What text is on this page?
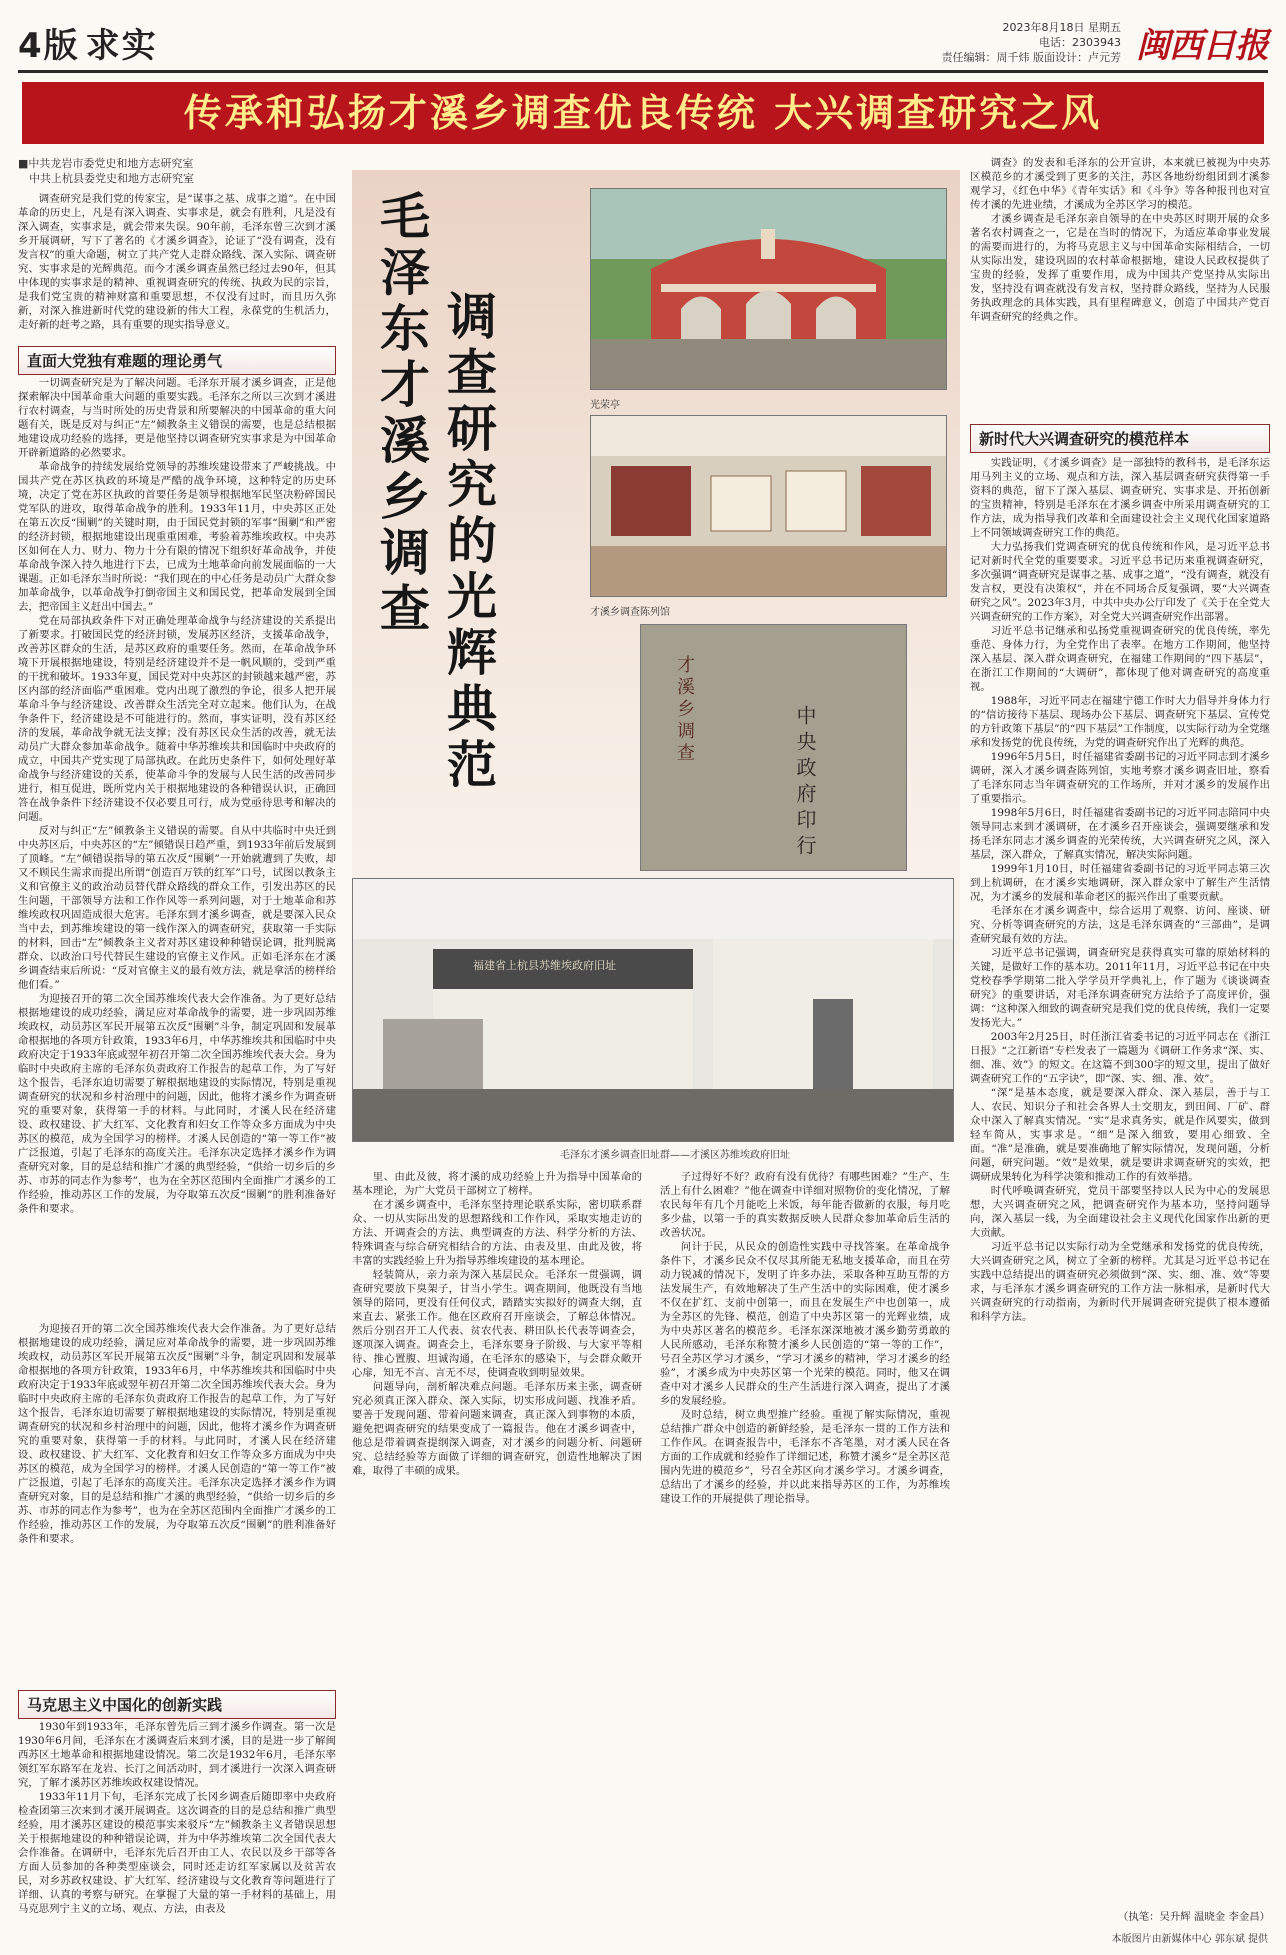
4版 求实	2023年8月18日 星期五
电话：2303943
责任编辑：周千炜 版面设计：卢元芳 闽西日报
传承和弘扬才溪乡调查优良传统 大兴调查研究之风
■中共龙岩市委党史和地方志研究室
中共上杭县委党史和地方志研究室

调查研究是我们党的传家宝，是“谋事之基、成事之道”。在中国革命的历史上，凡是有深入调查、实事求是，就会有胜利，凡是没有深入调查，实事求是，就会带来失误。90年前，毛泽东曾三次到才溪乡开展调研，写下了著名的《才溪乡调查》，论证了“没有调查，没有发言权”的重大命题，树立了共产党人走群众路线、深入实际、调查研究、实事求是的光辉典范。而今才溪乡调查虽然已经过去90年，但其中体现的实事求是的精神、重视调查研究的传统、执政为民的宗旨，是我们党宝贵的精神财富和重要思想，不仅没有过时，而且历久弥新，对深入推进新时代党的建设新的伟大工程，永葆党的生机活力，走好新的赶考之路，具有重要的现实指导意义。

直面大党独有难题的理论勇气

一切调查研究是为了解决问题。毛泽东开展才溪乡调查，正是他探索解决中国革命重大问题的重要实践。毛泽东之所以三次到才溪进行农村调查，与当时所处的历史背景和所要解决的中国革命的重大问题有关，既是反对与纠正“左”倾教条主义错误的需要，也是总结根据地建设成功经验的选择，更是他坚持以调查研究实事求是为中国革命开辟新道路的必然要求。

革命战争的持续发展给党领导的苏维埃建设带来了严峻挑战。中国共产党在苏区执政的环境是严酷的战争环境，这种特定的历史环境，决定了党在苏区执政的首要任务是领导根据地军民坚决粉碎国民党军队的进攻，取得革命战争的胜利。1933年11月，中央苏区正处在第五次反“围剿”的关键时期，由于国民党封锁的军事“围剿”和严密的经济封锁，根据地建设出现重重困难，考验着苏维埃政权。中央苏区如何在人力、财力、物力十分有限的情况下组织好革命战争，并使革命战争深入持久地进行下去，已成为土地革命向前发展面临的一大课题。正如毛泽东当时所说：“我们现在的中心任务是动员广大群众参加革命战争，以革命战争打倒帝国主义和国民党，把革命发展到全国去，把帝国主义赶出中国去。”

党在局部执政条件下对正确处理革命战争与经济建设的关系提出了新要求。打破国民党的经济封锁，发展苏区经济，支援革命战争，改善苏区群众的生活，是苏区政府的重要任务。然而，在革命战争环境下开展根据地建设，特别是经济建设并不是一帆风顺的，受到严重的干扰和破坏。1933年夏，国民党对中央苏区的封锁越来越严密，苏区内部的经济面临严重困难。党内出现了激烈的争论，很多人把开展革命斗争与经济建设、改善群众生活完全对立起来。他们认为，在战争条件下，经济建设是不可能进行的。然而，事实证明，没有苏区经济的发展，革命战争就无法支撑；没有苏区民众生活的改善，就无法动员广大群众参加革命战争。随着中华苏维埃共和国临时中央政府的成立，中国共产党实现了局部执政。在此历史条件下，如何处理好革命战争与经济建设的关系，使革命斗争的发展与人民生活的改善同步进行，相互促进，既所党内关于根据地建设的各种错误认识，正确回答在战争条件下经济建设不仅必要且可行，成为党亟待思考和解决的问题。

反对与纠正“左”倾教条主义错误的需要。自从中共临时中央迁到中央苏区后，中央苏区的“左”倾错误日趋严重，到1933年前后发展到了顶峰。“左”倾错误指导的第五次反“围剿”一开始就遭到了失败，却又不顾民生需求而提出所谓“创造百万铁的红军”口号，试图以教条主义和官僚主义的政治动员替代群众路线的群众工作，引发出苏区的民生问题，干部领导方法和工作作风等一系列问题，对于土地革命和苏维埃政权巩固造成很大危害。毛泽东到才溪乡调查，就是要深入民众当中去，到苏维埃建设的第一线作深入的调查研究，获取第一手实际的材料，回击“左”倾教条主义者对苏区建设种种错误论调，批判脱离群众、以政治口号代替民生建设的官僚主义作风。正如毛泽东在才溪乡调查结束后所说：“反对官僚主义的最有效方法，就是拿活的榜样给他们看。”

为迎接召开的第二次全国苏维埃代表大会作准备。为了更好总结根据地建设的成功经验，满足应对革命战争的需要，进一步巩固苏维埃政权，动员苏区军民开展第五次反“围剿”斗争，制定巩固和发展革命根据地的各项方针政策，1933年6月，中华苏维埃共和国临时中央政府决定于1933年底或翌年初召开第二次全国苏维埃代表大会。身为临时中央政府主席的毛泽东负责政府工作报告的起草工作，为了写好这个报告，毛泽东迫切需要了解根据地建设的实际情况，特别是重视调查研究的状况和乡村治理中的问题，因此，他将才溪乡作为调查研究的重要对象，获得第一手的材料。与此同时，才溪人民在经济建设、政权建设、扩大红军、文化教育和妇女工作等众多方面成为中央苏区的模范，成为全国学习的榜样。才溪人民创造的“第一等工作”被广泛报道，引起了毛泽东的高度关注。毛泽东决定选择才溪乡作为调查研究对象，目的是总结和推广才溪的典型经验，“供给一切乡后的乡苏、市苏的同志作为参考”，也为在全苏区范围内全面推广才溪乡的工作经验，推动苏区工作的发展，为夺取第五次反“围剿”的胜利准备好条件和要求。

马克思主义中国化的创新实践

为迎接召开的第二次全国苏维埃代表大会作准备。为了更好总结根据地建设的成功经验，满足应对革命战争的需要，进一步巩固苏维埃政权，动员苏区军民开展第五次反“围剿”斗争，制定巩固和发展革命根据地的各项方针政策，1933年6月，中华苏维埃共和国临时中央政府决定于1933年底或翌年初召开第二次全国苏维埃代表大会。身为临时中央政府主席的毛泽东负责政府工作报告的起草工作，为了写好这个报告，毛泽东迫切需要了解根据地建设的实际情况，特别是重视调查研究的状况和乡村治理中的问题，因此，他将才溪乡作为调查研究的重要对象，获得第一手的材料。与此同时，才溪人民在经济建设、政权建设、扩大红军、文化教育和妇女工作等众多方面成为中央苏区的模范，成为全国学习的榜样。才溪人民创造的“第一等工作”被广泛报道，引起了毛泽东的高度关注。毛泽东决定选择才溪乡作为调查研究对象，目的是总结和推广才溪的典型经验，“供给一切乡后的乡苏、市苏的同志作为参考”，也为在全苏区范围内全面推广才溪乡的工作经验，推动苏区工作的发展，为夺取第五次反“围剿”的胜利准备好条件和要求。

1930年到1933年，毛泽东曾先后三到才溪乡作调查。第一次是1930年6月间，毛泽东在才溪调查后来到才溪，目的是进一步了解闽西苏区土地革命和根据地建设情况。第二次是1932年6月，毛泽东率领红军东路军在龙岩、长汀之间活动时，到才溪进行一次深入调查研究，了解才溪苏区苏维埃政权建设情况。

1933年11月下旬，毛泽东完成了长冈乡调查后随即率中央政府检查团第三次来到才溪开展调查。这次调查的目的是总结和推广典型经验，用才溪苏区建设的模范事实来驳斥“左”倾教条主义者错误思想关于根据地建设的种种错误论调，并为中华苏维埃第二次全国代表大会作准备。在调研中，毛泽东先后召开由工人、农民以及乡干部等各方面人员参加的各种类型座谈会，同时还走访红军家属以及贫苦农民，对乡苏政权建设、扩大红军、经济建设与文化教育等问题进行了详细、认真的考察与研究。在掌握了大量的第一手材料的基础上，用马克思列宁主义的立场、观点、方法，由表及

毛泽东才溪乡调查 调查研究的光辉典范	光荣亭
才溪乡调查陈列馆
才溪乡调查	中央政府印行
福建省上杭县苏维埃政府旧址
毛泽东才溪乡调查旧址群——才溪区苏维埃政府旧址

里、由此及彼，将才溪的成功经验上升为指导中国革命的基本理论，为广大党员干部树立了榜样。

在才溪乡调查中，毛泽东坚持理论联系实际，密切联系群众、一切从实际出发的思想路线和工作作风，采取实地走访的方法、开调查会的方法、典型调查的方法、科学分析的方法、特殊调查与综合研究相结合的方法、由表及里、由此及彼，将丰富的实践经验上升为指导苏维埃建设的基本理论。

轻装简从，亲力亲为深入基层民众。毛泽东一贯强调，调查研究要放下臭架子，甘当小学生。调查期间，他既没有当地领导的陪同，更没有任何仪式，踏踏实实拟好的调查大纲，直来直去、紧张工作。他在区政府召开座谈会，了解总体情况。然后分别召开工人代表、贫农代表、耕田队长代表等调查会，逐项深入调查。调查会上，毛泽东要身子阶级、与大家平等相待、推心置腹、坦诚沟通，在毛泽东的感染下，与会群众敞开心扉，知无不言、言无不尽，使调查收到明显效果。

问题导向，剖析解决难点问题。毛泽东历来主张，调查研究必须真正深入群众、深入实际，切实形成问题、找准矛盾。要善于发现问题、带着问题来调查，真正深入到事物的本质，避免把调查研究的结果变成了一篇报告。他在才溪乡调查中，他总是带着调查提纲深入调查，对才溪乡的问题分析、问题研究、总结经验等方面做了详细的调查研究，创造性地解决了困难，取得了丰硕的成果。

子过得好不好？政府有没有优待？有哪些困难？”生产、生活上有什么困难？”他在调查中详细对照物价的变化情况，了解农民每年有几个月能吃上米饭，每年能否做新的衣服，每月吃多少盐，以第一手的真实数据反映人民群众参加革命后生活的改善状况。

问计于民，从民众的创造性实践中寻找答案。在革命战争条件下，才溪乡民众不仅尽其所能无私地支援革命，而且在劳动力锐减的情况下，发明了许多办法，采取各种互助互帮的方法发展生产，有效地解决了生产生活中的实际困难，使才溪乡不仅在扩红、支前中创第一，而且在发展生产中也创第一，成为全苏区的先锋、模范，创造了中央苏区第一的光辉业绩，成为中央苏区著名的模范乡。毛泽东深深地被才溪乡勤劳勇敢的人民所感动，毛泽东称赞才溪乡人民创造的“第一等的工作”，号召全苏区学习才溪乡，“学习才溪乡的精神，学习才溪乡的经验”，才溪乡成为中央苏区第一个光荣的模范。同时，他又在调查中对才溪乡人民群众的生产生活进行深入调查，提出了才溪乡的发展经验。

及时总结，树立典型推广经验。重视了解实际情况，重视总结推广群众中创造的新鲜经验，是毛泽东一贯的工作方法和工作作风。在调查报告中，毛泽东不吝笔墨，对才溪人民在各方面的工作成就和经验作了详细记述，称赞才溪乡“是全苏区范围内先进的模范乡”，号召全苏区向才溪乡学习。才溪乡调查，总结出了才溪乡的经验，并以此来指导苏区的工作，为苏维埃建设工作的开展提供了理论指导。

调查》的发表和毛泽东的公开宣讲，本来就已被视为中央苏区模范乡的才溪受到了更多的关注，苏区各地纷纷组团到才溪参观学习，《红色中华》《青年实话》和《斗争》等各种报刊也对宣传才溪的先进业绩，才溪成为全苏区学习的模范。

才溪乡调查是毛泽东亲自领导的在中央苏区时期开展的众多著名农村调查之一，它是在当时的情况下，为适应革命事业发展的需要而进行的，为将马克思主义与中国革命实际相结合，一切从实际出发，建设巩固的农村革命根据地，建设人民政权提供了宝贵的经验，发挥了重要作用，成为中国共产党坚持从实际出发，坚持没有调查就没有发言权，坚持群众路线，坚持为人民服务执政理念的具体实践，具有里程碑意义，创造了中国共产党百年调查研究的经典之作。

新时代大兴调查研究的模范样本

实践证明，《才溪乡调查》是一部独特的教科书，是毛泽东运用马列主义的立场、观点和方法，深入基层调查研究获得第一手资料的典范，留下了深入基层、调查研究、实事求是、开拓创新的宝贵精神，特别是毛泽东在才溪乡调查中所采用调查研究的工作方法，成为指导我们改革和全面建设社会主义现代化国家道路上不同领域调查研究工作的典范。

大力弘扬我们党调查研究的优良传统和作风，是习近平总书记对新时代全党的重要要求。习近平总书记历来重视调查研究，多次强调“调查研究是谋事之基、成事之道”，“没有调查，就没有发言权，更没有决策权”，并在不同场合反复强调，要“大兴调查研究之风”。2023年3月，中共中央办公厅印发了《关于在全党大兴调查研究的工作方案》，对全党大兴调查研究作出部署。

习近平总书记继承和弘扬党重视调查研究的优良传统，率先垂范、身体力行，为全党作出了表率。在地方工作期间，他坚持深入基层、深入群众调查研究，在福建工作期间的“四下基层”，在浙江工作期间的“大调研”，都体现了他对调查研究的高度重视。

1988年，习近平同志在福建宁德工作时大力倡导并身体力行的“信访接待下基层、现场办公下基层、调查研究下基层、宣传党的方针政策下基层”的“四下基层”工作制度，以实际行动为全党继承和发扬党的优良传统，为党的调查研究作出了光辉的典范。

1996年5月5日，时任福建省委副书记的习近平同志到才溪乡调研，深入才溪乡调查陈列馆，实地考察才溪乡调查旧址，察看了毛泽东同志当年调查研究的工作场所，并对才溪乡的发展作出了重要指示。

1998年5月6日，时任福建省委副书记的习近平同志陪同中央领导同志来到才溪调研，在才溪乡召开座谈会，强调要继承和发扬毛泽东同志才溪乡调查的光荣传统，大兴调查研究之风，深入基层，深入群众，了解真实情况，解决实际问题。

1999年1月10日，时任福建省委副书记的习近平同志第三次到上杭调研，在才溪乡实地调研，深入群众家中了解生产生活情况，为才溪乡的发展和革命老区的振兴作出了重要贡献。

毛泽东在才溪乡调查中，综合运用了观察、访问、座谈、研究、分析等调查研究的方法，这是毛泽东调查的“三部曲”，是调查研究最有效的方法。

习近平总书记强调，调查研究是获得真实可靠的原始材料的关键，是做好工作的基本功。2011年11月，习近平总书记在中央党校春季学期第二批入学学员开学典礼上，作了题为《谈谈调查研究》的重要讲话，对毛泽东调查研究方法给予了高度评价，强调：“这种深入细致的调查研究是我们党的优良传统，我们一定要发扬光大。”

2003年2月25日，时任浙江省委书记的习近平同志在《浙江日报》“之江新语”专栏发表了一篇题为《调研工作务求“深、实、细、准、效”》的短文。在这篇不到300字的短文里，提出了做好调查研究工作的“五字诀”，即“深、实、细、准、效”。

“深”是基本态度，就是要深入群众、深入基层，善于与工人、农民、知识分子和社会各界人士交朋友，到田间、厂矿、群众中深入了解真实情况。“实”是求真务实，就是作风要实，做到轻车简从，实事求是。“细”是深入细致，要用心细致、全面。“准”是准确，就是要准确地了解实际情况，发现问题，分析问题，研究问题。“效”是效果，就是要讲求调查研究的实效，把调研成果转化为科学决策和推动工作的有效举措。

时代呼唤调查研究，党员干部要坚持以人民为中心的发展思想，大兴调查研究之风，把调查研究作为基本功，坚持问题导向，深入基层一线，为全面建设社会主义现代化国家作出新的更大贡献。

习近平总书记以实际行动为全党继承和发扬党的优良传统，大兴调查研究之风，树立了全新的榜样。尤其是习近平总书记在实践中总结提出的调查研究必须做到“深、实、细、准、效”等要求，与毛泽东才溪乡调查研究的工作方法一脉相承，是新时代大兴调查研究的行动指南，为新时代开展调查研究提供了根本遵循和科学方法。

（执笔：吴升辉 温晓金 李金昌）
本版图片由新媒体中心 郭东斌 提供
